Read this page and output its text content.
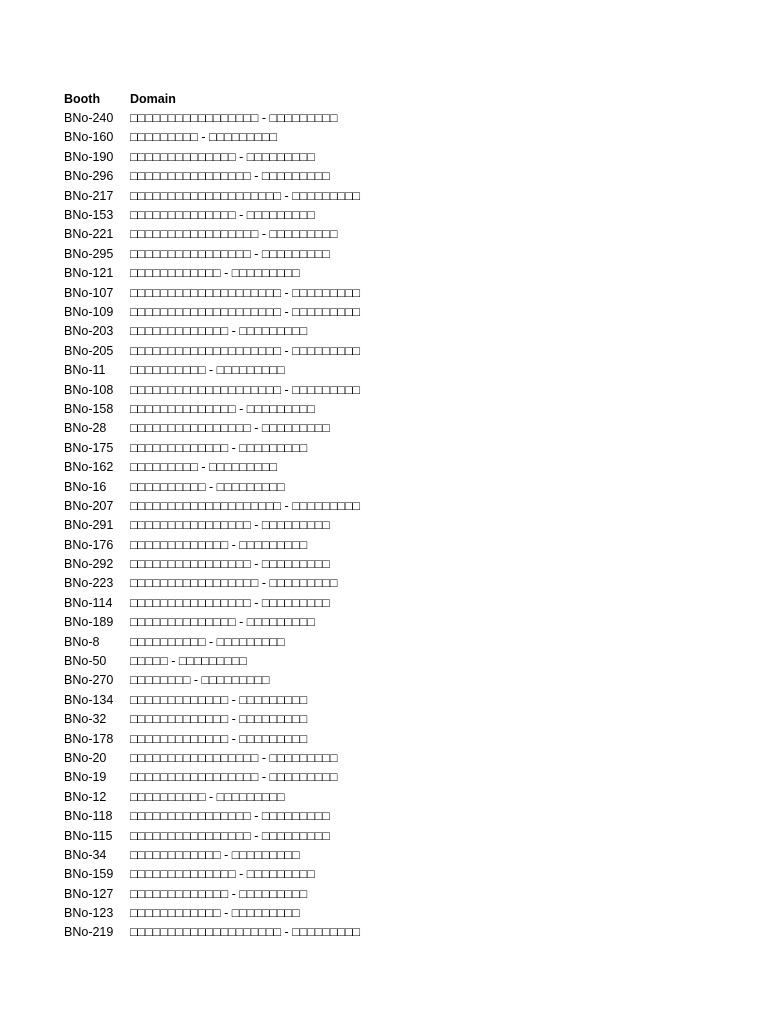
Booth	Domain
BNo-240	□□□□□□□□□□□□□□□□□ - □□□□□□□□□
BNo-160	□□□□□□□□□ - □□□□□□□□□
BNo-190	□□□□□□□□□□□□□□ - □□□□□□□□□
BNo-296	□□□□□□□□□□□□□□□□ - □□□□□□□□□
BNo-217	□□□□□□□□□□□□□□□□□□□□ - □□□□□□□□□
BNo-153	□□□□□□□□□□□□□□ - □□□□□□□□□
BNo-221	□□□□□□□□□□□□□□□□□ - □□□□□□□□□
BNo-295	□□□□□□□□□□□□□□□□ - □□□□□□□□□
BNo-121	□□□□□□□□□□□□ - □□□□□□□□□
BNo-107	□□□□□□□□□□□□□□□□□□□□ - □□□□□□□□□
BNo-109	□□□□□□□□□□□□□□□□□□□□ - □□□□□□□□□
BNo-203	□□□□□□□□□□□□□ - □□□□□□□□□
BNo-205	□□□□□□□□□□□□□□□□□□□□ - □□□□□□□□□
BNo-11	□□□□□□□□□□ - □□□□□□□□□
BNo-108	□□□□□□□□□□□□□□□□□□□□ - □□□□□□□□□
BNo-158	□□□□□□□□□□□□□□ - □□□□□□□□□
BNo-28	□□□□□□□□□□□□□□□□ - □□□□□□□□□
BNo-175	□□□□□□□□□□□□□ - □□□□□□□□□
BNo-162	□□□□□□□□□ - □□□□□□□□□
BNo-16	□□□□□□□□□□ - □□□□□□□□□
BNo-207	□□□□□□□□□□□□□□□□□□□□ - □□□□□□□□□
BNo-291	□□□□□□□□□□□□□□□□ - □□□□□□□□□
BNo-176	□□□□□□□□□□□□□ - □□□□□□□□□
BNo-292	□□□□□□□□□□□□□□□□ - □□□□□□□□□
BNo-223	□□□□□□□□□□□□□□□□□ - □□□□□□□□□
BNo-114	□□□□□□□□□□□□□□□□ - □□□□□□□□□
BNo-189	□□□□□□□□□□□□□□ - □□□□□□□□□
BNo-8	□□□□□□□□□□ - □□□□□□□□□
BNo-50	□□□□□ - □□□□□□□□□
BNo-270	□□□□□□□□ - □□□□□□□□□
BNo-134	□□□□□□□□□□□□□ - □□□□□□□□□
BNo-32	□□□□□□□□□□□□□ - □□□□□□□□□
BNo-178	□□□□□□□□□□□□□ - □□□□□□□□□
BNo-20	□□□□□□□□□□□□□□□□□ - □□□□□□□□□
BNo-19	□□□□□□□□□□□□□□□□□ - □□□□□□□□□
BNo-12	□□□□□□□□□□ - □□□□□□□□□
BNo-118	□□□□□□□□□□□□□□□□ - □□□□□□□□□
BNo-115	□□□□□□□□□□□□□□□□ - □□□□□□□□□
BNo-34	□□□□□□□□□□□□ - □□□□□□□□□
BNo-159	□□□□□□□□□□□□□□ - □□□□□□□□□
BNo-127	□□□□□□□□□□□□□ - □□□□□□□□□
BNo-123	□□□□□□□□□□□□ - □□□□□□□□□
BNo-219	□□□□□□□□□□□□□□□□□□□□ - □□□□□□□□□
